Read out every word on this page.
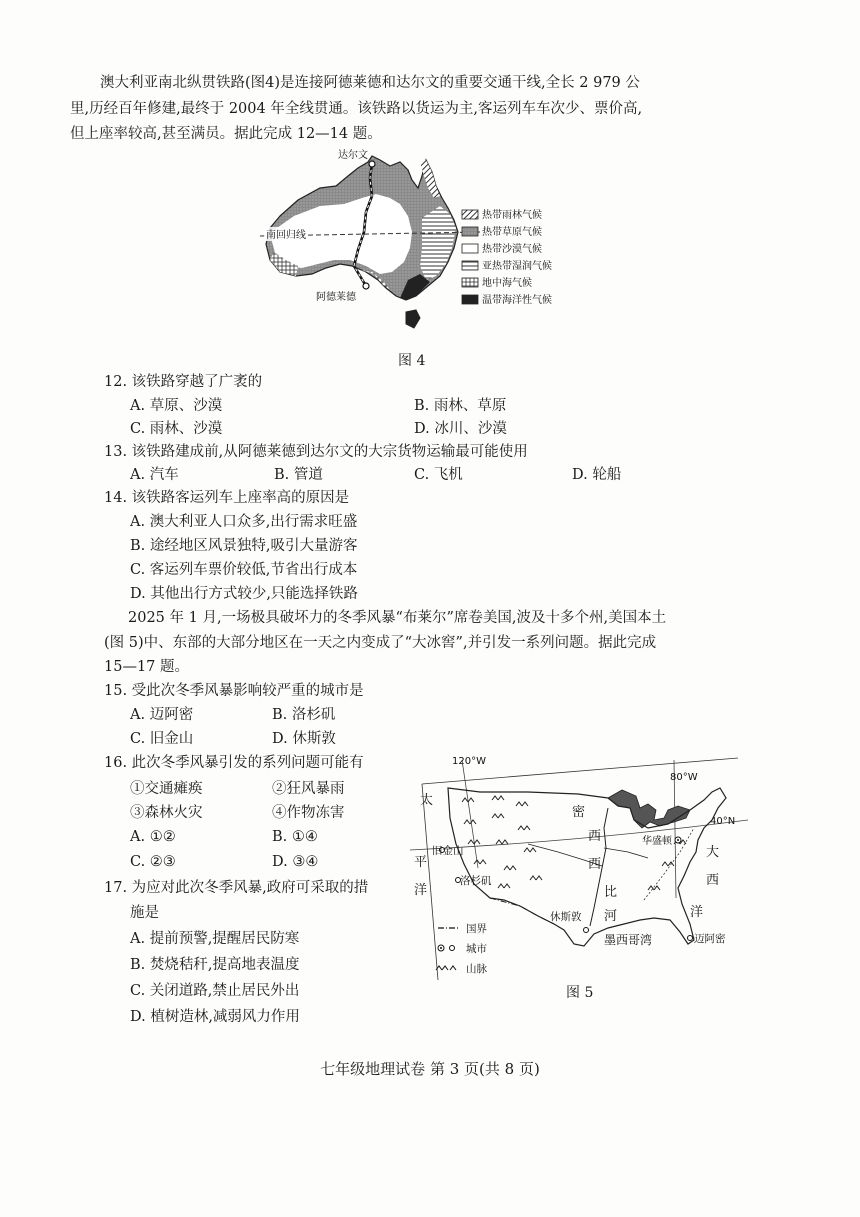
澳大利亚南北纵贯铁路(图4)是连接阿德莱德和达尔文的重要交通干线,全长 2 979 公
里,历经百年修建,最终于 2004 年全线贯通。该铁路以货运为主,客运列车车次少、票价高,
但上座率较高,甚至满员。据此完成 12—14 题。
南回归线
达尔文
阿德莱德
热带雨林气候
热带草原气候
热带沙漠气候
亚热带湿润气候
地中海气候
温带海洋性气候
图 4
12. 该铁路穿越了广袤的
A. 草原、沙漠	B. 雨林、草原
C. 雨林、沙漠	D. 冰川、沙漠
13. 该铁路建成前,从阿德莱德到达尔文的大宗货物运输最可能使用
A. 汽车	B. 管道	C. 飞机	D. 轮船
14. 该铁路客运列车上座率高的原因是
A. 澳大利亚人口众多,出行需求旺盛
B. 途经地区风景独特,吸引大量游客
C. 客运列车票价较低,节省出行成本
D. 其他出行方式较少,只能选择铁路
2025 年 1 月,一场极具破坏力的冬季风暴“布莱尔”席卷美国,波及十多个州,美国本土
(图 5)中、东部的大部分地区在一天之内变成了“大冰窖”,并引发一系列问题。据此完成
15—17 题。
15. 受此次冬季风暴影响较严重的城市是
A. 迈阿密	B. 洛杉矶
C. 旧金山	D. 休斯敦
16. 此次冬季风暴引发的系列问题可能有
①交通瘫痪	②狂风暴雨
③森林火灾	④作物冻害
A. ①②	B. ①④
C. ②③	D. ③④
17. 为应对此次冬季风暴,政府可采取的措
施是
A. 提前预警,提醒居民防寒
B. 焚烧秸秆,提高地表温度
C. 关闭道路,禁止居民外出
D. 植树造林,减弱风力作用
120°W
80°W
40°N
太
平
洋
大
西
洋
密
西
西
比
河
墨西哥湾
旧金山
洛杉矶
休斯敦
迈阿密
华盛顿
国界
城市
山脉
图 5
七年级地理试卷 第 3 页(共 8 页)
